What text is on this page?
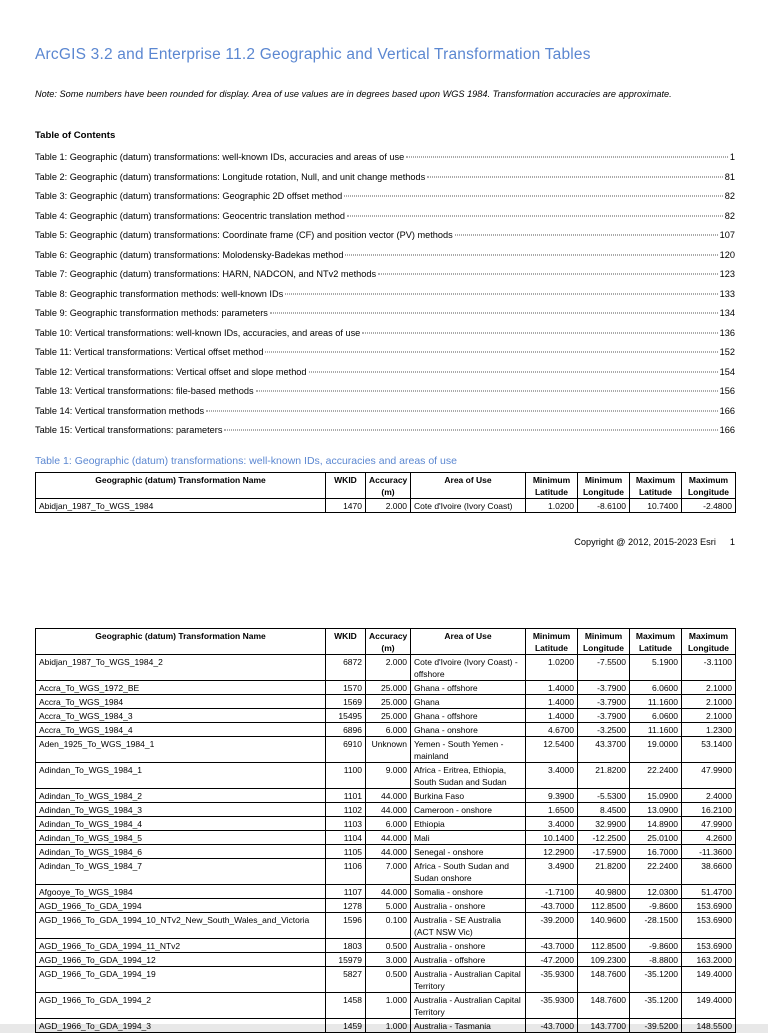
ArcGIS 3.2 and Enterprise 11.2 Geographic and Vertical Transformation Tables

Note: Some numbers have been rounded for display. Area of use values are in degrees based upon WGS 1984. Transformation accuracies are approximate.

Table of Contents
Table 1: Geographic (datum) transformations: well-known IDs, accuracies and areas of use	1
Table 2: Geographic (datum) transformations: Longitude rotation, Null, and unit change methods	81
Table 3: Geographic (datum) transformations: Geographic 2D offset method	82
Table 4: Geographic (datum) transformations: Geocentric translation method	82
Table 5: Geographic (datum) transformations: Coordinate frame (CF) and position vector (PV) methods	107
Table 6: Geographic (datum) transformations: Molodensky-Badekas method	120
Table 7: Geographic (datum) transformations: HARN, NADCON, and NTv2 methods	123
Table 8: Geographic transformation methods: well-known IDs	133
Table 9: Geographic transformation methods: parameters	134
Table 10: Vertical transformations: well-known IDs, accuracies, and areas of use	136
Table 11: Vertical transformations: Vertical offset method	152
Table 12: Vertical transformations: Vertical offset and slope method	154
Table 13: Vertical transformations: file-based methods	156
Table 14: Vertical transformation methods	166
Table 15: Vertical transformations: parameters	166
Table 1: Geographic (datum) transformations: well-known IDs, accuracies and areas of use
Geographic (datum) Transformation Name	WKID	Accuracy (m)	Area of Use	Minimum Latitude	Minimum Longitude	Maximum Latitude	Maximum Longitude
Abidjan_1987_To_WGS_1984	1470	2.000	Cote d'Ivoire (Ivory Coast)	1.0200	-8.6100	10.7400	-2.4800
Copyright @ 2012, 2015-2023 Esri 1
Geographic (datum) Transformation Name	WKID	Accuracy (m)	Area of Use	Minimum Latitude	Minimum Longitude	Maximum Latitude	Maximum Longitude
Abidjan_1987_To_WGS_1984_2	6872	2.000	Cote d'Ivoire (Ivory Coast) - offshore	1.0200	-7.5500	5.1900	-3.1100
Accra_To_WGS_1972_BE	1570	25.000	Ghana - offshore	1.4000	-3.7900	6.0600	2.1000
Accra_To_WGS_1984	1569	25.000	Ghana	1.4000	-3.7900	11.1600	2.1000
Accra_To_WGS_1984_3	15495	25.000	Ghana - offshore	1.4000	-3.7900	6.0600	2.1000
Accra_To_WGS_1984_4	6896	6.000	Ghana - onshore	4.6700	-3.2500	11.1600	1.2300
Aden_1925_To_WGS_1984_1	6910	Unknown	Yemen - South Yemen - mainland	12.5400	43.3700	19.0000	53.1400
Adindan_To_WGS_1984_1	1100	9.000	Africa - Eritrea, Ethiopia, South Sudan and Sudan	3.4000	21.8200	22.2400	47.9900
Adindan_To_WGS_1984_2	1101	44.000	Burkina Faso	9.3900	-5.5300	15.0900	2.4000
Adindan_To_WGS_1984_3	1102	44.000	Cameroon - onshore	1.6500	8.4500	13.0900	16.2100
Adindan_To_WGS_1984_4	1103	6.000	Ethiopia	3.4000	32.9900	14.8900	47.9900
Adindan_To_WGS_1984_5	1104	44.000	Mali	10.1400	-12.2500	25.0100	4.2600
Adindan_To_WGS_1984_6	1105	44.000	Senegal - onshore	12.2900	-17.5900	16.7000	-11.3600
Adindan_To_WGS_1984_7	1106	7.000	Africa - South Sudan and Sudan onshore	3.4900	21.8200	22.2400	38.6600
Afgooye_To_WGS_1984	1107	44.000	Somalia - onshore	-1.7100	40.9800	12.0300	51.4700
AGD_1966_To_GDA_1994	1278	5.000	Australia - onshore	-43.7000	112.8500	-9.8600	153.6900
AGD_1966_To_GDA_1994_10_NTv2_New_South_Wales_and_Victoria	1596	0.100	Australia - SE Australia (ACT NSW Vic)	-39.2000	140.9600	-28.1500	153.6900
AGD_1966_To_GDA_1994_11_NTv2	1803	0.500	Australia - onshore	-43.7000	112.8500	-9.8600	153.6900
AGD_1966_To_GDA_1994_12	15979	3.000	Australia - offshore	-47.2000	109.2300	-8.8800	163.2000
AGD_1966_To_GDA_1994_19	5827	0.500	Australia - Australian Capital Territory	-35.9300	148.7600	-35.1200	149.4000
AGD_1966_To_GDA_1994_2	1458	1.000	Australia - Australian Capital Territory	-35.9300	148.7600	-35.1200	149.4000
AGD_1966_To_GDA_1994_3	1459	1.000	Australia - Tasmania	-43.7000	143.7700	-39.5200	148.5500
